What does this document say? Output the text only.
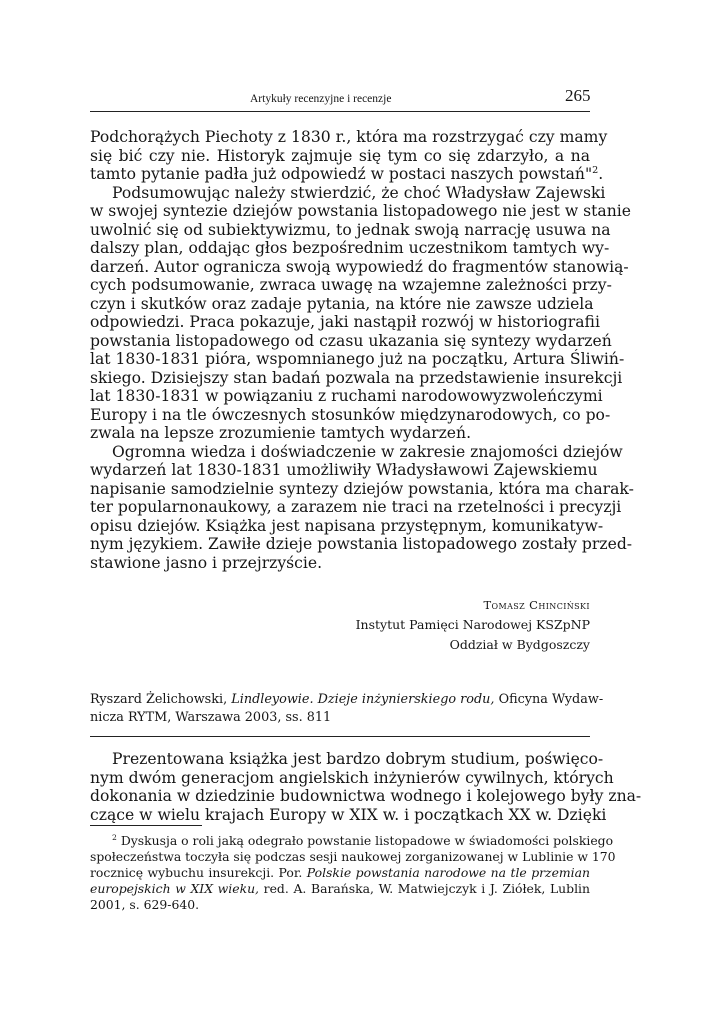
Artykuły recenzyjne i recenzje	265
Podchorążych Piechoty z 1830 r., która ma rozstrzygać czy mamy
się bić czy nie. Historyk zajmuje się tym co się zdarzyło, a na
tamto pytanie padła już odpowiedź w postaci naszych powstań"$^2$.
Podsumowując należy stwierdzić, że choć Władysław Zajewski
w swojej syntezie dziejów powstania listopadowego nie jest w stanie
uwolnić się od subiektywizmu, to jednak swoją narrację usuwa na
dalszy plan, oddając głos bezpośrednim uczestnikom tamtych wy-
darzeń. Autor ogranicza swoją wypowiedź do fragmentów stanowią-
cych podsumowanie, zwraca uwagę na wzajemne zależności przy-
czyn i skutków oraz zadaje pytania, na które nie zawsze udziela
odpowiedzi. Praca pokazuje, jaki nastąpił rozwój w historiografii
powstania listopadowego od czasu ukazania się syntezy wydarzeń
lat 1830-1831 pióra, wspomnianego już na początku, Artura Śliwiń-
skiego. Dzisiejszy stan badań pozwala na przedstawienie insurekcji
lat 1830-1831 w powiązaniu z ruchami narodowowyzwoleńczymi
Europy i na tle ówczesnych stosunków międzynarodowych, co po-
zwala na lepsze zrozumienie tamtych wydarzeń.
Ogromna wiedza i doświadczenie w zakresie znajomości dziejów
wydarzeń lat 1830-1831 umożliwiły Władysławowi Zajewskiemu
napisanie samodzielnie syntezy dziejów powstania, która ma charak-
ter popularnonaukowy, a zarazem nie traci na rzetelności i precyzji
opisu dziejów. Książka jest napisana przystępnym, komunikatyw-
nym językiem. Zawiłe dzieje powstania listopadowego zostały przed-
stawione jasno i przejrzyście.
Tomasz Chinciński
Instytut Pamięci Narodowej KSZpNP
Oddział w Bydgoszczy
Ryszard Żelichowski, Lindleyowie. Dzieje inżynierskiego rodu, Oficyna Wydaw-
nicza RYTM, Warszawa 2003, ss. 811
Prezentowana książka jest bardzo dobrym studium, poświęco-
nym dwóm generacjom angielskich inżynierów cywilnych, których
dokonania w dziedzinie budownictwa wodnego i kolejowego były zna-
czące w wielu krajach Europy w XIX w. i początkach XX w. Dzięki
$^2$ Dyskusja o roli jaką odegrało powstanie listopadowe w świadomości polskiego
społeczeństwa toczyła się podczas sesji naukowej zorganizowanej w Lublinie w 170
rocznicę wybuchu insurekcji. Por. Polskie powstania narodowe na tle przemian
europejskich w XIX wieku, red. A. Barańska, W. Matwiejczyk i J. Ziółek, Lublin
2001, s. 629-640.
